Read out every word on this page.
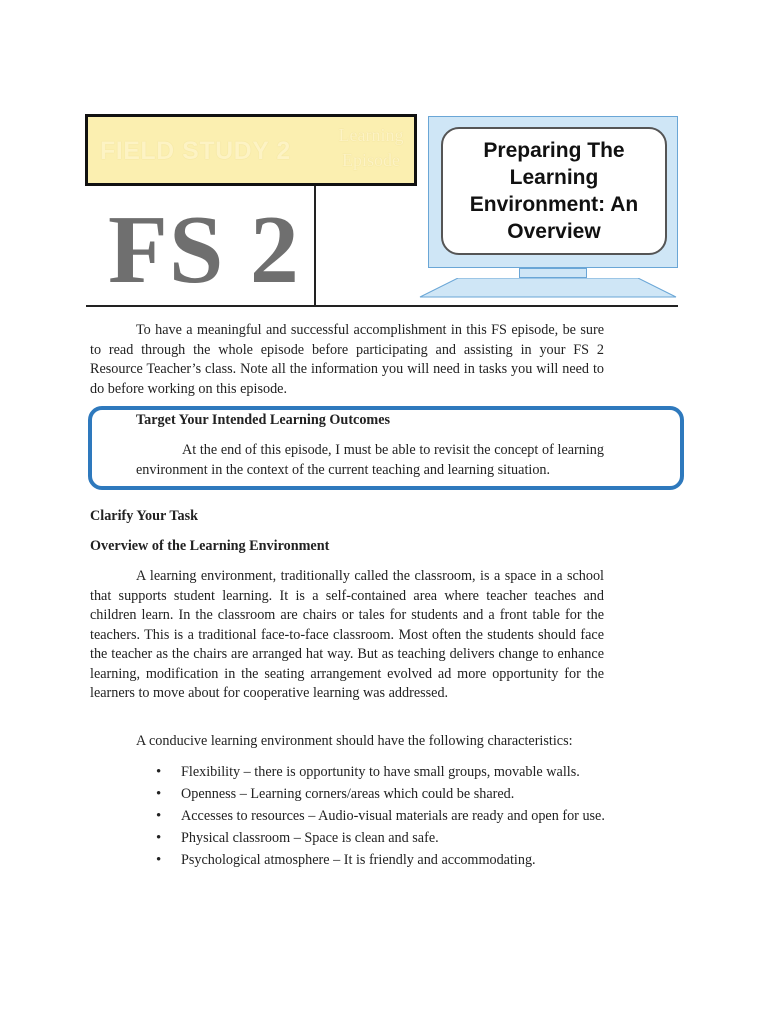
FIELD STUDY 2
Learning Episode
FS 2
Preparing The Learning Environment: An Overview
To have a meaningful and successful accomplishment in this FS episode, be sure to read through the whole episode before participating and assisting in your FS 2 Resource Teacher’s class. Note all the information you will need in tasks you will need to do before working on this episode.
Target Your Intended Learning Outcomes
At the end of this episode, I must be able to revisit the concept of learning environment in the context of the current teaching and learning situation.
Clarify Your Task
Overview of the Learning Environment
A learning environment, traditionally called the classroom, is a space in a school that supports student learning. It is a self-contained area where teacher teaches and children learn. In the classroom are chairs or tales for students and a front table for the teachers. This is a traditional face-to-face classroom. Most often the students should face the teacher as the chairs are arranged hat way. But as teaching delivers change to enhance learning, modification in the seating arrangement evolved ad more opportunity for the learners to move about for cooperative learning was addressed.
A conducive learning environment should have the following characteristics:
• Flexibility – there is opportunity to have small groups, movable walls.
• Openness – Learning corners/areas which could be shared.
• Accesses to resources – Audio-visual materials are ready and open for use.
• Physical classroom – Space is clean and safe.
• Psychological atmosphere – It is friendly and accommodating.
